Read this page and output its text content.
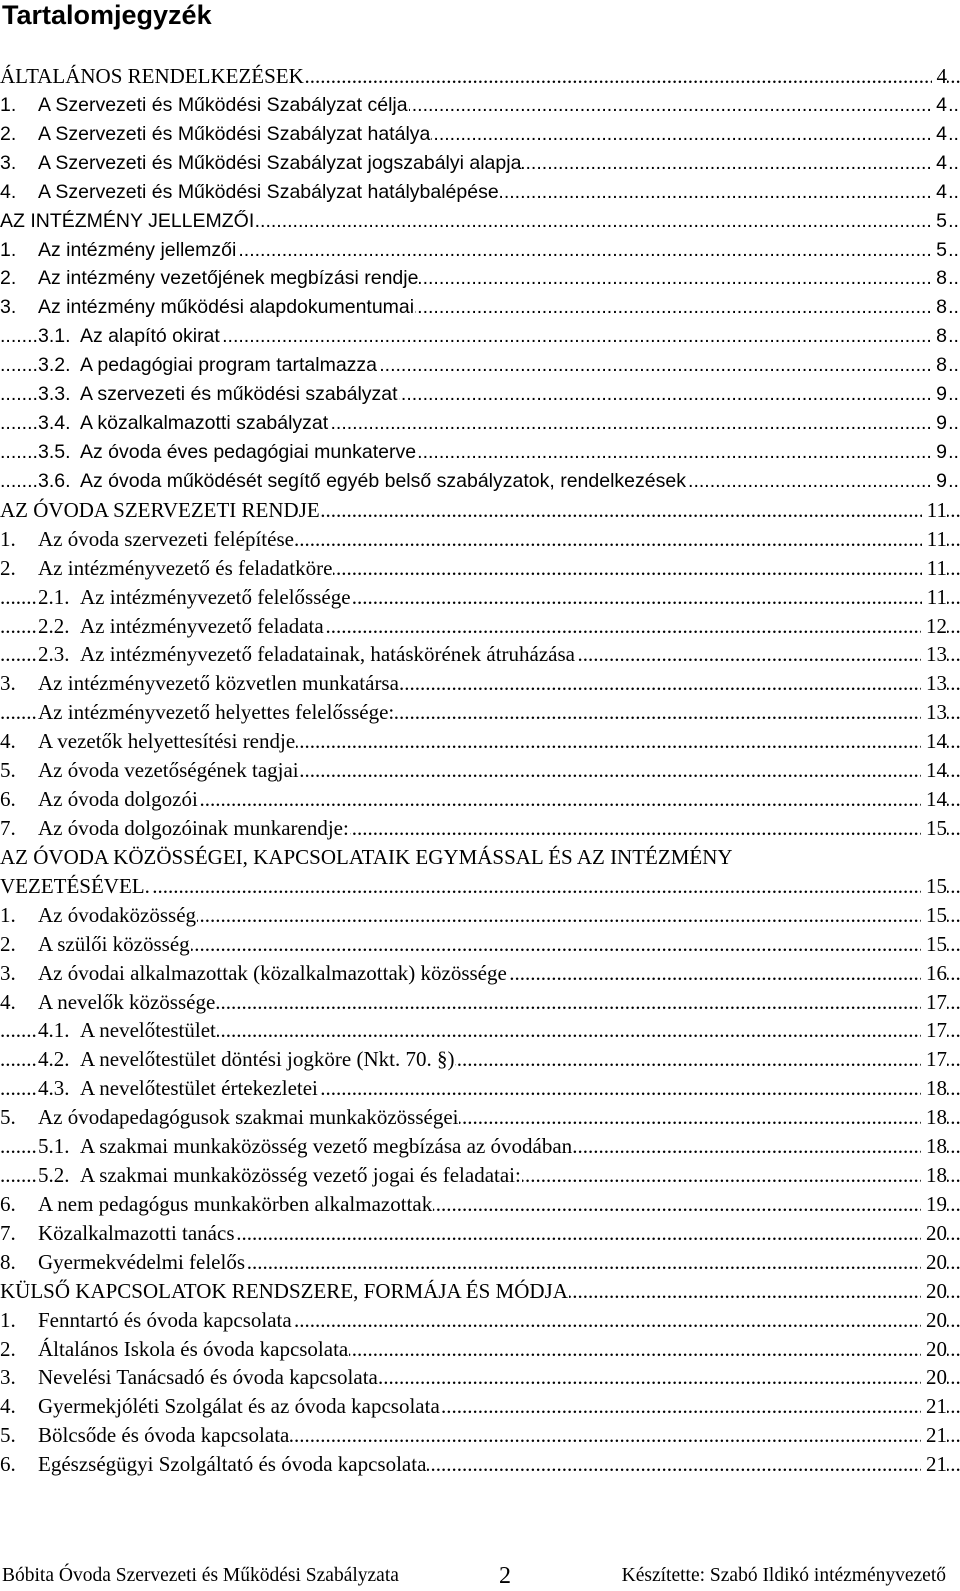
Tartalomjegyzék
.....
ÁLTALÁNOS RENDELKEZÉSEK	4
.....
1. A Szervezeti és Működési Szabályzat célja	4
.....
2. A Szervezeti és Működési Szabályzat hatálya	4
.....
3. A Szervezeti és Működési Szabályzat jogszabályi alapja	4
.....
4. A Szervezeti és Működési Szabályzat hatálybalépése	4
.....
AZ INTÉZMÉNY JELLEMZŐI	5
.....
1. Az intézmény jellemzői	5
.....
2. Az intézmény vezetőjének megbízási rendje	8
.....
3. Az intézmény működési alapdokumentumai	8
.....
3.1. Az alapító okirat	8
.....
3.2. A pedagógiai program tartalmazza	8
.....
3.3. A szervezeti és működési szabályzat	9
.....
3.4. A közalkalmazotti szabályzat	9
.....
3.5. Az óvoda éves pedagógiai munkaterve	9
.....
3.6. Az óvoda működését segítő egyéb belső szabályzatok, rendelkezések	9
.....
AZ ÓVODA SZERVEZETI RENDJE	11
.....
1. Az óvoda szervezeti felépítése	11
.....
2. Az intézményvezető és feladatköre	11
.....
2.1. Az intézményvezető felelőssége	11
.....
2.2. Az intézményvezető feladata	12
.....
2.3. Az intézményvezető feladatainak, hatáskörének átruházása	13
.....
3. Az intézményvezető közvetlen munkatársa	13
.....
Az intézményvezető helyettes felelőssége:	13
.....
4. A vezetők helyettesítési rendje	14
.....
5. Az óvoda vezetőségének tagjai	14
.....
6. Az óvoda dolgozói	14
.....
7. Az óvoda dolgozóinak munkarendje:	15
AZ ÓVODA KÖZÖSSÉGEI, KAPCSOLATAIK EGYMÁSSAL ÉS AZ INTÉZMÉNY
.....
VEZETÉSÉVEL.	15
.....
1. Az óvodaközösség	15
.....
2. A szülői közösség	15
.....
3. Az óvodai alkalmazottak (közalkalmazottak) közössége	16
.....
4. A nevelők közössége	17
.....
4.1. A nevelőtestület	17
.....
4.2. A nevelőtestület döntési jogköre (Nkt. 70. §)	17
.....
4.3. A nevelőtestület értekezletei	18
.....
5. Az óvodapedagógusok szakmai munkaközösségei	18
.....
5.1. A szakmai munkaközösség vezető megbízása az óvodában	18
.....
5.2. A szakmai munkaközösség vezető jogai és feladatai:	18
.....
6. A nem pedagógus munkakörben alkalmazottak	19
.....
7. Közalkalmazotti tanács	20
.....
8. Gyermekvédelmi felelős	20
.....
KÜLSŐ KAPCSOLATOK RENDSZERE, FORMÁJA ÉS MÓDJA	20
.....
1. Fenntartó és óvoda kapcsolata	20
.....
2. Általános Iskola és óvoda kapcsolata	20
.....
3. Nevelési Tanácsadó és óvoda kapcsolata	20
.....
4. Gyermekjóléti Szolgálat és az óvoda kapcsolata	21
.....
5. Bölcsőde és óvoda kapcsolata	21
.....
6. Egészségügyi Szolgáltató és óvoda kapcsolata	21
Bóbita Óvoda Szervezeti és Működési Szabályzata	2	Készítette: Szabó Ildikó intézményvezető
